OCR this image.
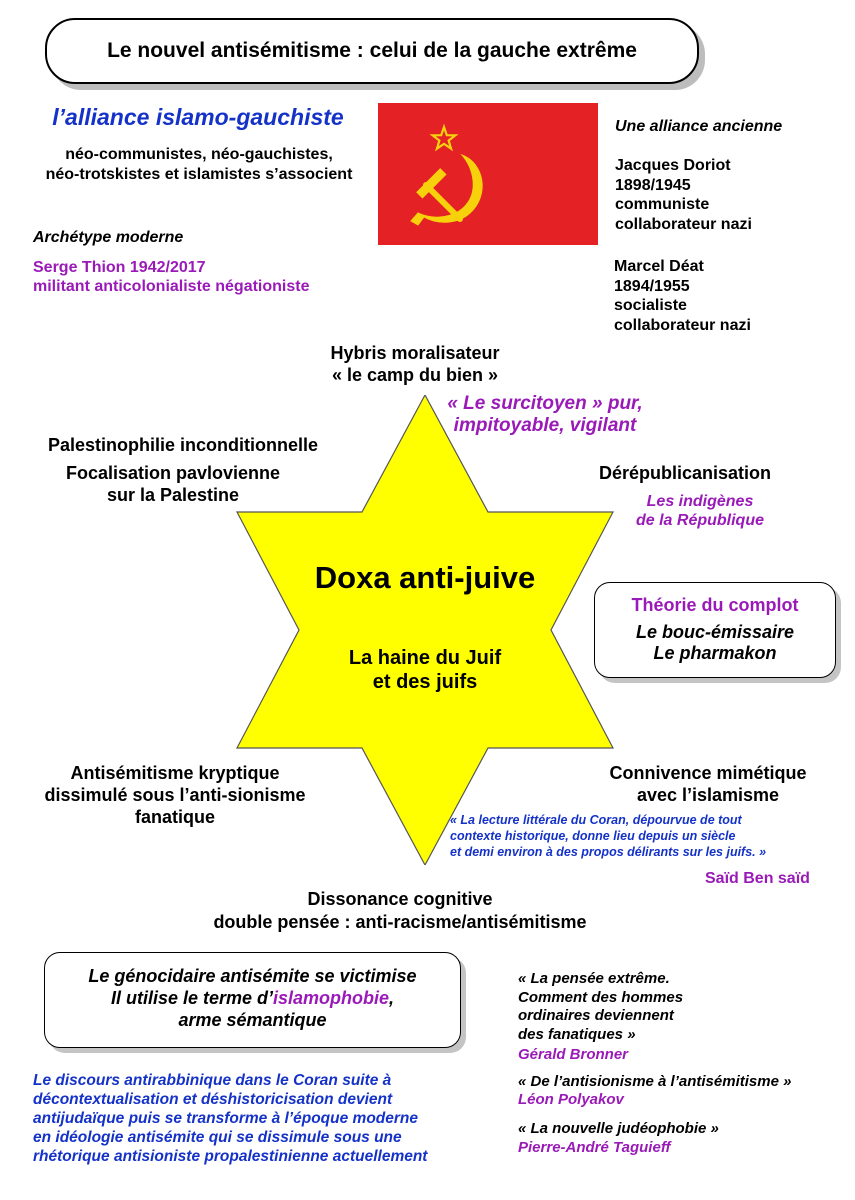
Le nouvel antisémitisme : celui de la gauche extrême
l’alliance islamo-gauchiste
néo-communistes, néo-gauchistes,
néo-trotskistes et islamistes s’associent
Archétype moderne
Serge Thion 1942/2017
militant anticolonialiste négationiste
Une alliance ancienne
Jacques Doriot
1898/1945
communiste
collaborateur nazi
Marcel Déat
1894/1955
socialiste
collaborateur nazi
Hybris moralisateur
« le camp du bien »
« Le surcitoyen » pur,
impitoyable, vigilant
Palestinophilie inconditionnelle
Focalisation pavlovienne
sur la Palestine
Dérépublicanisation
Les indigènes
de la République
Doxa anti-juive
La haine du Juif
et des juifs
Théorie du complot
Le bouc-émissaire
Le pharmakon
Antisémitisme kryptique
dissimulé sous l’anti-sionisme
fanatique
Connivence mimétique
avec l’islamisme
« La lecture littérale du Coran, dépourvue de tout
contexte historique, donne lieu depuis un siècle
et demi environ à des propos délirants sur les juifs. »
Saïd Ben saïd
Dissonance cognitive
double pensée : anti-racisme/antisémitisme
Le génocidaire antisémite se victimise
Il utilise le terme d’islamophobie,
arme sémantique
« La pensée extrême.
Comment des hommes
ordinaires deviennent
des fanatiques »
Gérald Bronner
« De l’antisionisme à l’antisémitisme »
Léon Polyakov
« La nouvelle judéophobie »
Pierre-André Taguieff
Le discours antirabbinique dans le Coran suite à
décontextualisation et déshistoricisation devient
antijudaïque puis se transforme à l’époque moderne
en idéologie antisémite qui se dissimule sous une
rhétorique antisioniste propalestinienne actuellement
